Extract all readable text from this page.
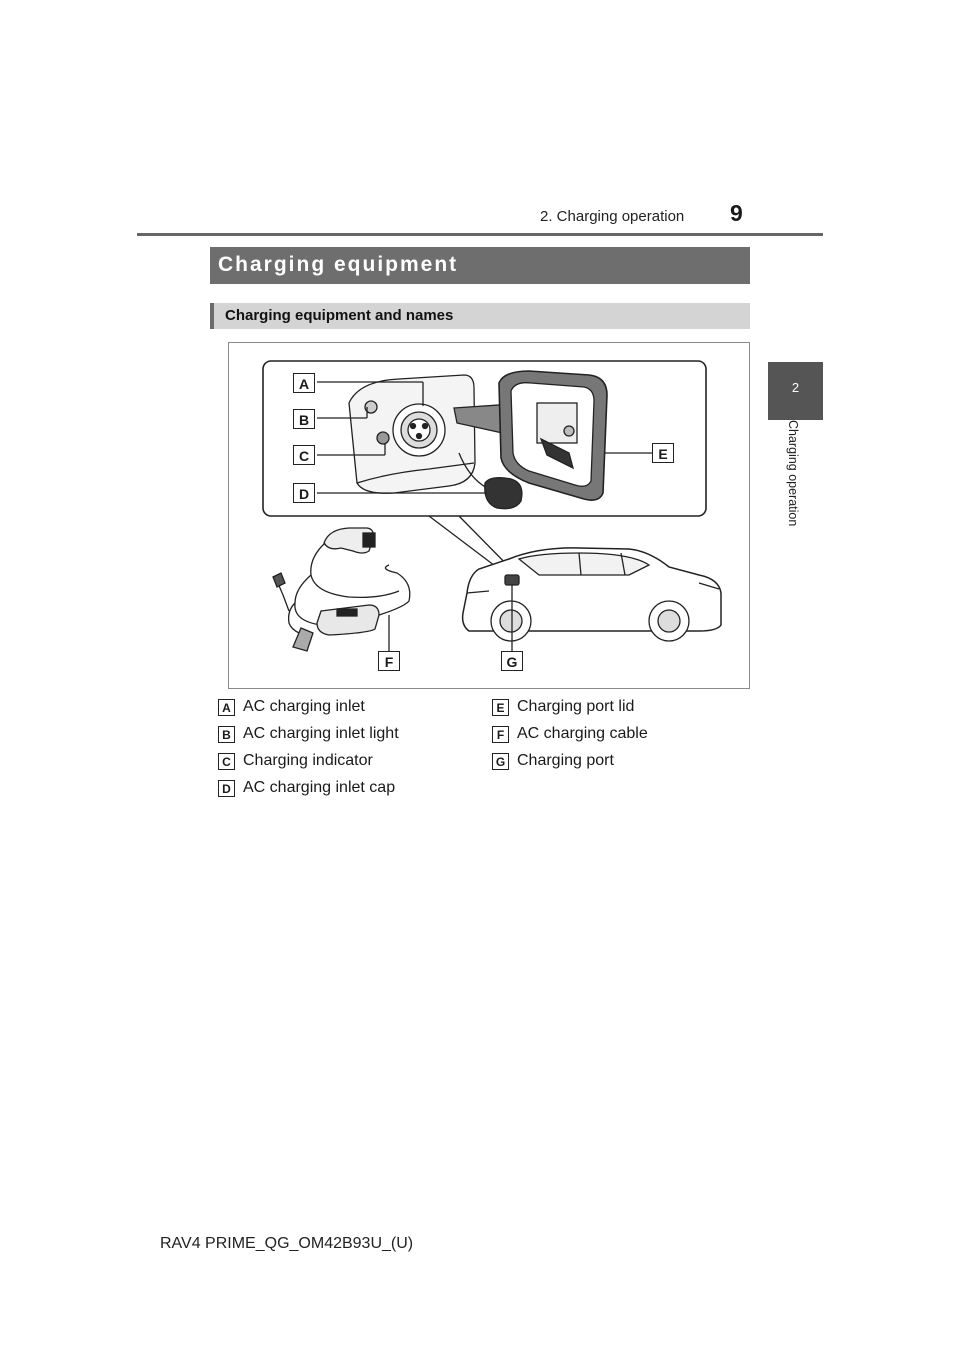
2. Charging operation 9
2
Charging operation
Charging equipment
Charging equipment and names
A
B
C
D
E
F	G
A AC charging inlet
B AC charging inlet light
C Charging indicator
D AC charging inlet cap
E Charging port lid
F AC charging cable
G Charging port
RAV4 PRIME_QG_OM42B93U_(U)
